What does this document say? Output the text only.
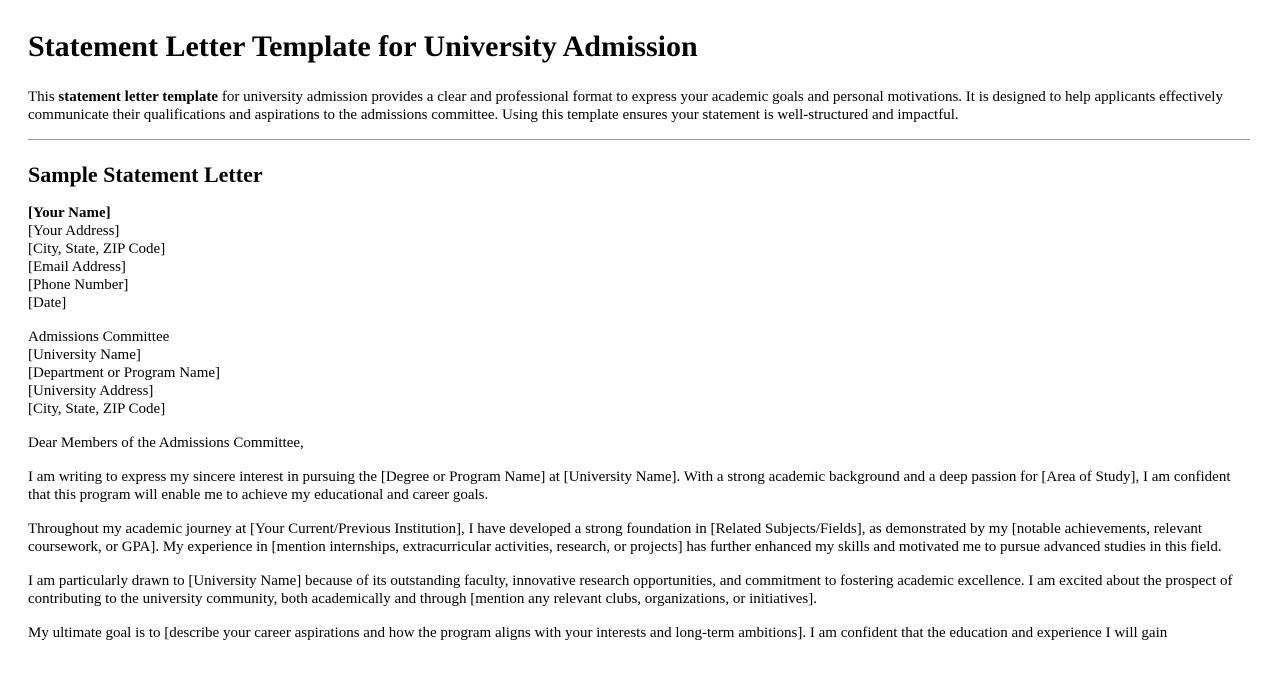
Statement Letter Template for University Admission

This statement letter template for university admission provides a clear and professional format to express your academic goals and personal motivations. It is designed to help applicants effectively communicate their qualifications and aspirations to the admissions committee. Using this template ensures your statement is well-structured and impactful.

Sample Statement Letter
[Your Name]
[Your Address]
[City, State, ZIP Code]
[Email Address]
[Phone Number]
[Date]
Admissions Committee
[University Name]
[Department or Program Name]
[University Address]
[City, State, ZIP Code]

Dear Members of the Admissions Committee,

I am writing to express my sincere interest in pursuing the [Degree or Program Name] at [University Name]. With a strong academic background and a deep passion for [Area of Study], I am confident that this program will enable me to achieve my educational and career goals.

Throughout my academic journey at [Your Current/Previous Institution], I have developed a strong foundation in [Related Subjects/Fields], as demonstrated by my [notable achievements, relevant coursework, or GPA]. My experience in [mention internships, extracurricular activities, research, or projects] has further enhanced my skills and motivated me to pursue advanced studies in this field.

I am particularly drawn to [University Name] because of its outstanding faculty, innovative research opportunities, and commitment to fostering academic excellence. I am excited about the prospect of contributing to the university community, both academically and through [mention any relevant clubs, organizations, or initiatives].

My ultimate goal is to [describe your career aspirations and how the program aligns with your interests and long-term ambitions]. I am confident that the education and experience I will gain
